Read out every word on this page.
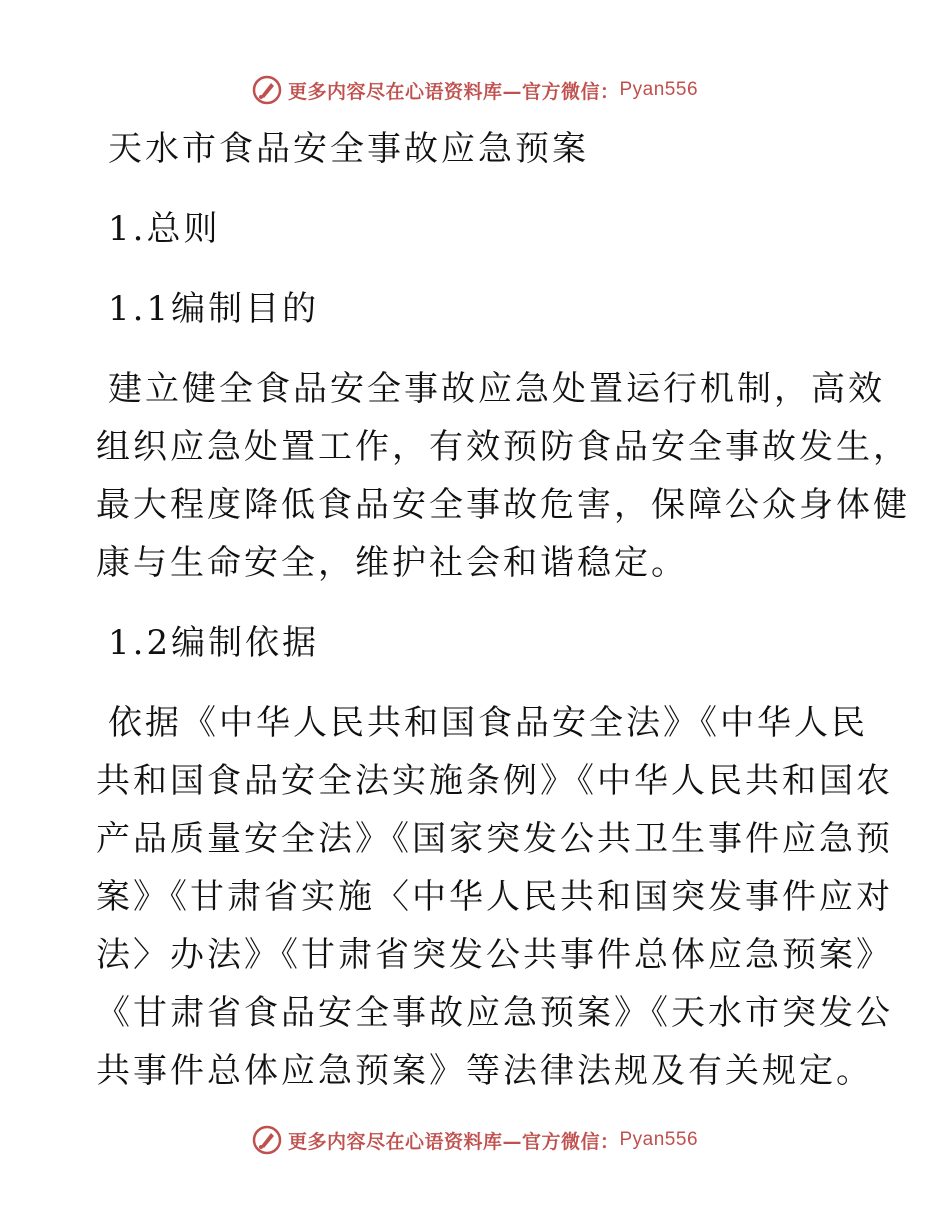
更多内容尽在心语资料库—官方微信： Pyan556
天水市食品安全事故应急预案
1.总则
1.1编制目的
建立健全食品安全事故应急处置运行机制，高效
组织应急处置工作，有效预防食品安全事故发生，
最大程度降低食品安全事故危害，保障公众身体健
康与生命安全，维护社会和谐稳定。
1.2编制依据
依据《中华人民共和国食品安全法》《中华人民
共和国食品安全法实施条例》《中华人民共和国农
产品质量安全法》《国家突发公共卫生事件应急预
案》《甘肃省实施〈中华人民共和国突发事件应对
法〉办法》《甘肃省突发公共事件总体应急预案》
《甘肃省食品安全事故应急预案》《天水市突发公
共事件总体应急预案》等法律法规及有关规定。
更多内容尽在心语资料库—官方微信： Pyan556
